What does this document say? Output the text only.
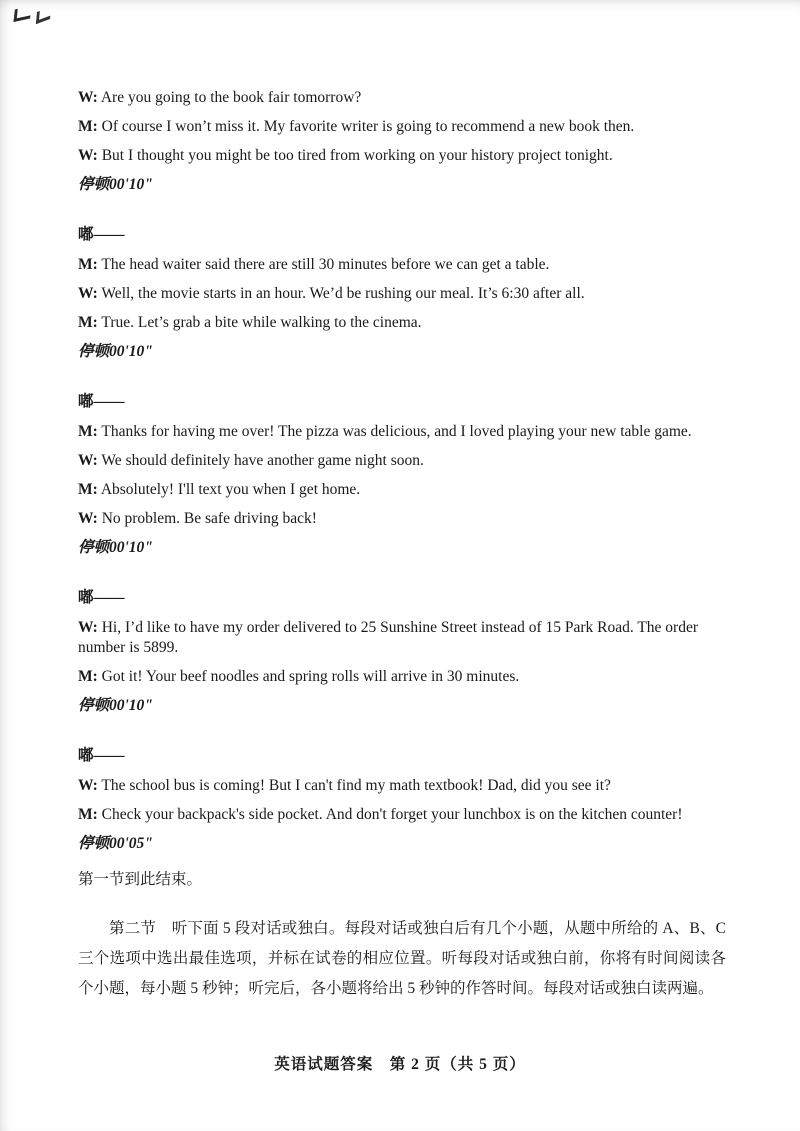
W: Are you going to the book fair tomorrow?

M: Of course I won’t miss it. My favorite writer is going to recommend a new book then.

W: But I thought you might be too tired from working on your history project tonight.

停顿00'10"

嘟——

M: The head waiter said there are still 30 minutes before we can get a table.

W: Well, the movie starts in an hour. We’d be rushing our meal. It’s 6:30 after all.

M: True. Let’s grab a bite while walking to the cinema.

停顿00'10"

嘟——

M: Thanks for having me over! The pizza was delicious, and I loved playing your new table game.

W: We should definitely have another game night soon.

M: Absolutely! I'll text you when I get home.

W: No problem. Be safe driving back!

停顿00'10"

嘟——

W: Hi, I’d like to have my order delivered to 25 Sunshine Street instead of 15 Park Road. The order number is 5899.

M: Got it! Your beef noodles and spring rolls will arrive in 30 minutes.

停顿00'10"

嘟——

W: The school bus is coming! But I can't find my math textbook! Dad, did you see it?

M: Check your backpack's side pocket. And don't forget your lunchbox is on the kitchen counter!

停顿00'05"

第一节到此结束。

第二节　听下面 5 段对话或独白。每段对话或独白后有几个小题，从题中所给的 A、B、C 三个选项中选出最佳选项，并标在试卷的相应位置。听每段对话或独白前，你将有时间阅读各个小题，每小题 5 秒钟；听完后，各小题将给出 5 秒钟的作答时间。每段对话或独白读两遍。

英语试题答案　第 2 页（共 5 页）
